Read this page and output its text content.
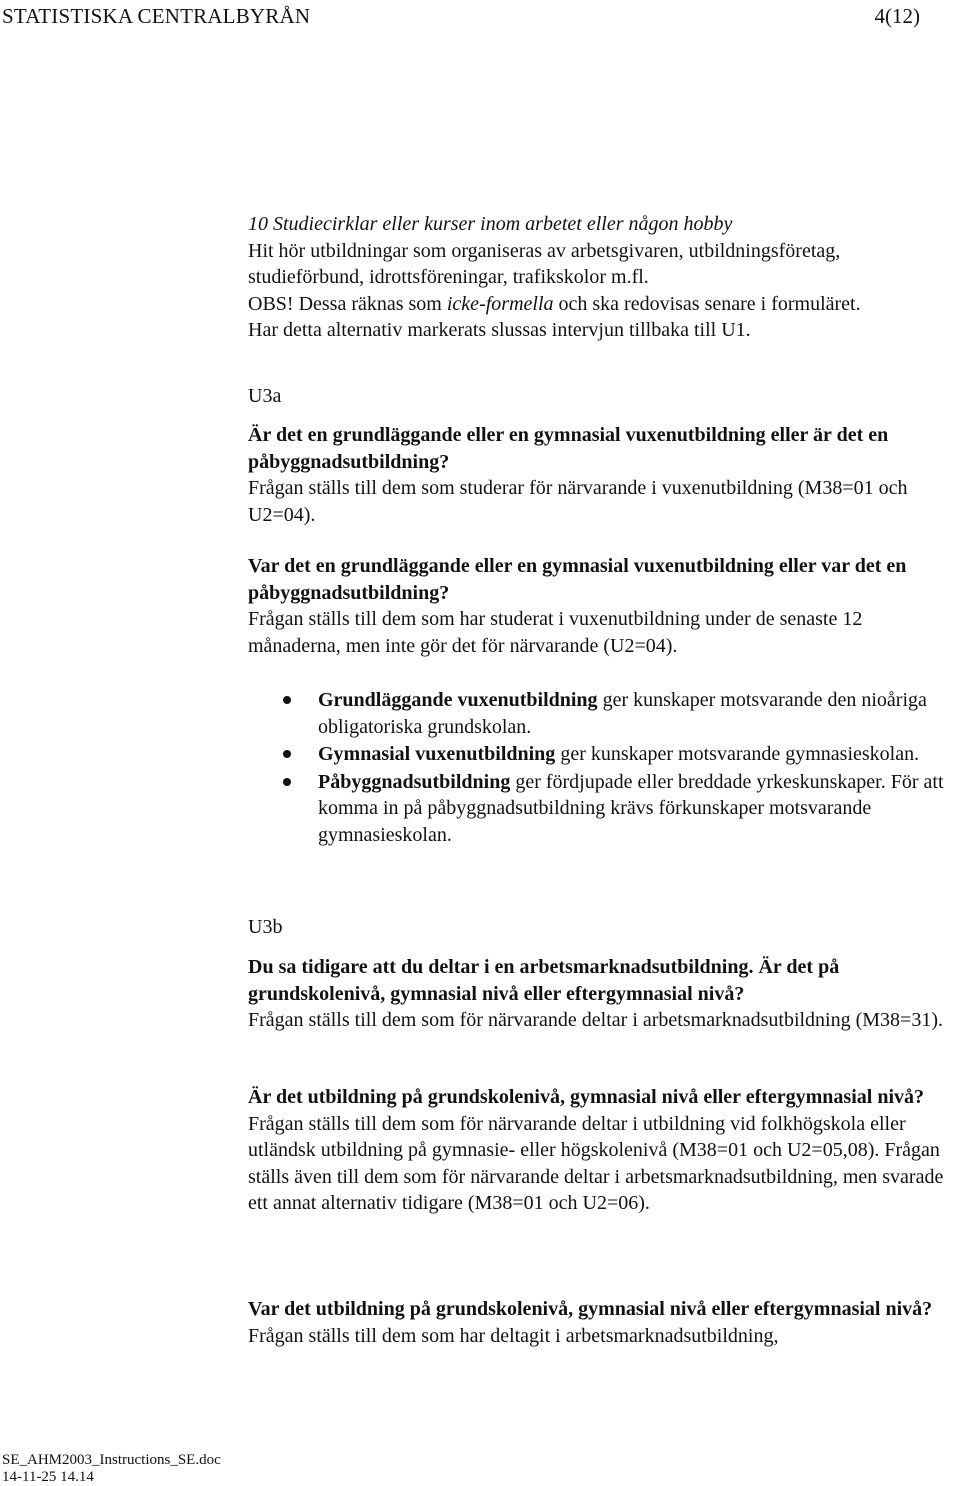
STATISTISKA CENTRALBYRÅN	4(12)

10 Studiecirklar eller kurser inom arbetet eller någon hobby

Hit hör utbildningar som organiseras av arbetsgivaren, utbildningsföretag, studieförbund, idrottsföreningar, trafikskolor m.fl.

OBS! Dessa räknas som icke-formella och ska redovisas senare i formuläret.

Har detta alternativ markerats slussas intervjun tillbaka till U1.

U3a

Är det en grundläggande eller en gymnasial vuxenutbildning eller är det en påbyggnadsutbildning?

Frågan ställs till dem som studerar för närvarande i vuxenutbildning (M38=01 och U2=04).

Var det en grundläggande eller en gymnasial vuxenutbildning eller var det en påbyggnadsutbildning?

Frågan ställs till dem som har studerat i vuxenutbildning under de senaste 12 månaderna, men inte gör det för närvarande (U2=04).

Grundläggande vuxenutbildning ger kunskaper motsvarande den nioåriga obligatoriska grundskolan.
Gymnasial vuxenutbildning ger kunskaper motsvarande gymnasieskolan.
Påbyggnadsutbildning ger fördjupade eller breddade yrkeskunskaper. För att komma in på påbyggnadsutbildning krävs förkunskaper motsvarande gymnasieskolan.
U3b

Du sa tidigare att du deltar i en arbetsmarknadsutbildning. Är det på grundskolenivå, gymnasial nivå eller eftergymnasial nivå?

Frågan ställs till dem som för närvarande deltar i arbetsmarknadsutbildning (M38=31).

Är det utbildning på grundskolenivå, gymnasial nivå eller eftergymnasial nivå?

Frågan ställs till dem som för närvarande deltar i utbildning vid folkhögskola eller utländsk utbildning på gymnasie- eller högskolenivå (M38=01 och U2=05,08). Frågan ställs även till dem som för närvarande deltar i arbetsmarknadsutbildning, men svarade ett annat alternativ tidigare (M38=01 och U2=06).

Var det utbildning på grundskolenivå, gymnasial nivå eller eftergymnasial nivå?

Frågan ställs till dem som har deltagit i arbetsmarknadsutbildning,

SE_AHM2003_Instructions_SE.doc
14-11-25 14.14
